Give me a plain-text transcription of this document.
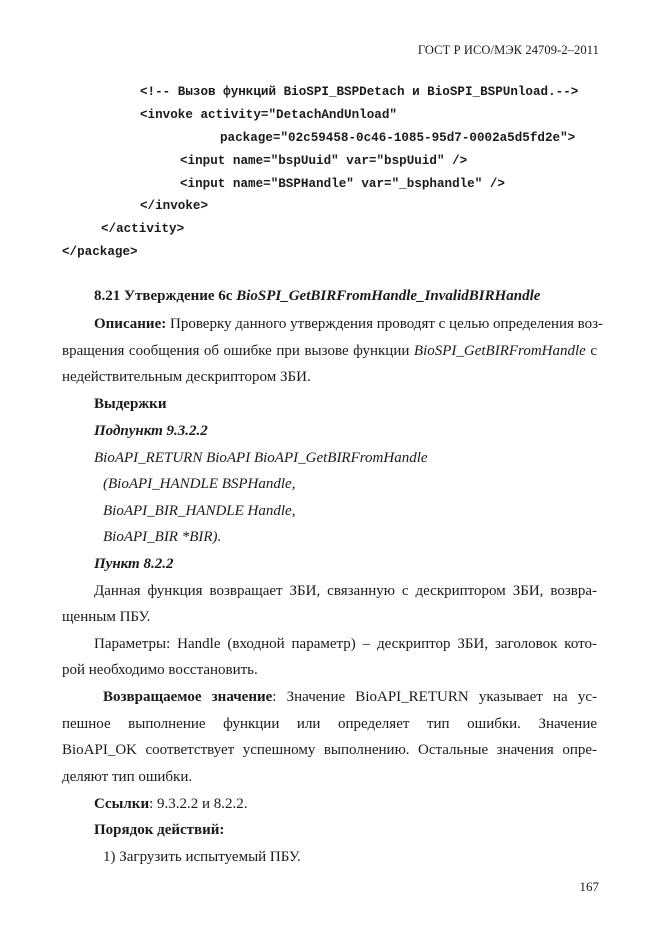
ГОСТ Р ИСО/МЭК 24709-2–2011
<!-- Вызов функций BioSPI_BSPDetach и BioSPI_BSPUnload.-->
<invoke activity="DetachAndUnload"
package="02c59458-0c46-1085-95d7-0002a5d5fd2e">
<input name="bspUuid" var="bspUuid" />
<input name="BSPHandle" var="_bsphandle" />
</invoke>
</activity>
</package>
8.21 Утверждение 6с BioSPI_GetBIRFromHandle_InvalidBIRHandle
Описание: Проверку данного утверждения проводят с целью определения воз-
вращения сообщения об ошибке при вызове функции BioSPI_GetBIRFromHandle с
недействительным дескриптором ЗБИ.
Выдержки
Подпункт 9.3.2.2
BioAPI_RETURN BioAPI BioAPI_GetBIRFromHandle
(BioAPI_HANDLE BSPHandle,
BioAPI_BIR_HANDLE Handle,
BioAPI_BIR *BIR).
Пункт 8.2.2
Данная функция возвращает ЗБИ, связанную с дескриптором ЗБИ, возвра-
щенным ПБУ.
Параметры: Handle (входной параметр) – дескриптор ЗБИ, заголовок кото-
рой необходимо восстановить.
Возвращаемое значение: Значение BioAPI_RETURN указывает на ус-
пешное выполнение функции или определяет тип ошибки. Значение
BioAPI_OK соответствует успешному выполнению. Остальные значения опре-
деляют тип ошибки.
Ссылки: 9.3.2.2 и 8.2.2.
Порядок действий:
1) Загрузить испытуемый ПБУ.
167
